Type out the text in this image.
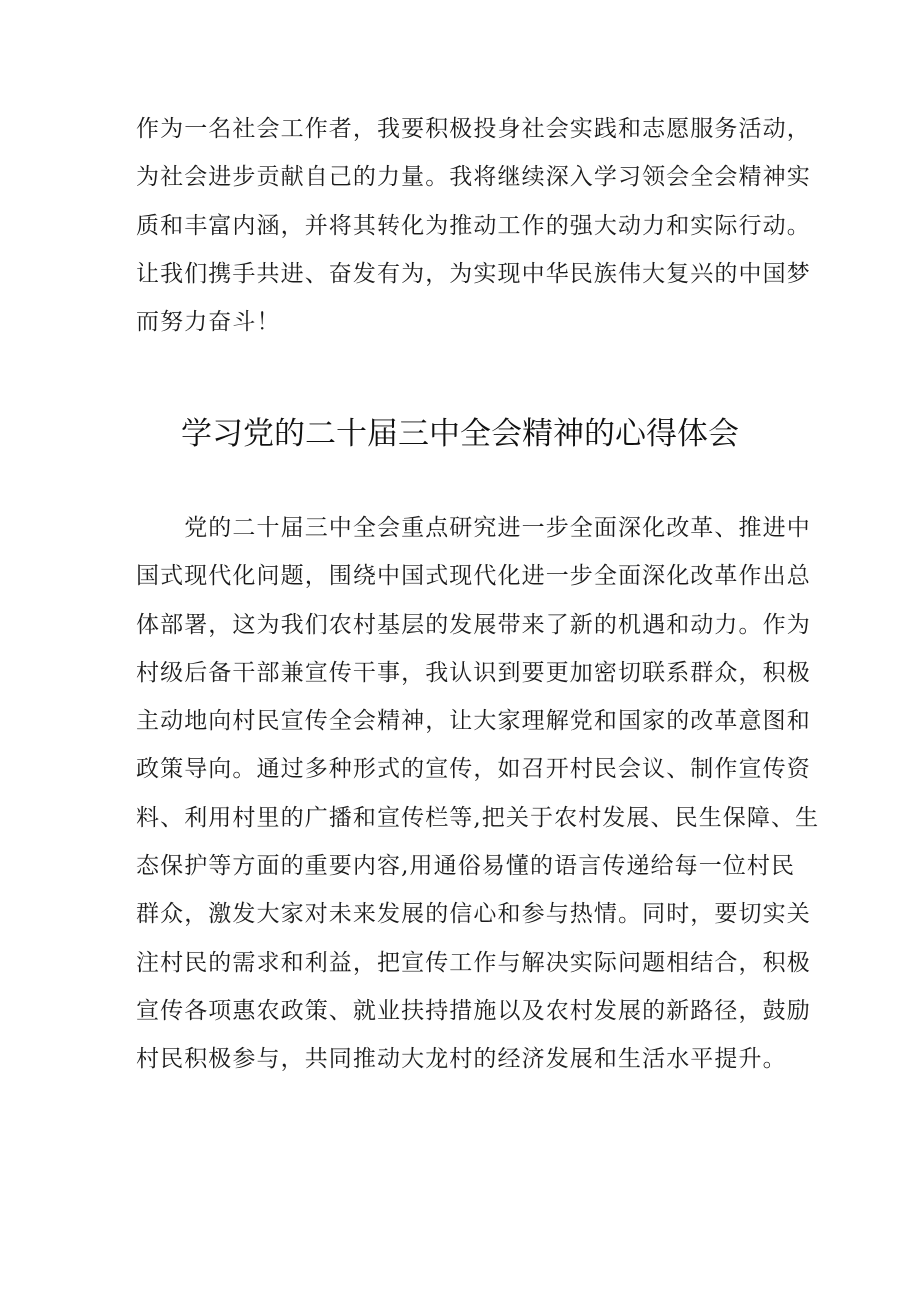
作为一名社会工作者，我要积极投身社会实践和志愿服务活动，
为社会进步贡献自己的力量。我将继续深入学习领会全会精神实
质和丰富内涵，并将其转化为推动工作的强大动力和实际行动。
让我们携手共进、奋发有为，为实现中华民族伟大复兴的中国梦
而努力奋斗！
学习党的二十届三中全会精神的心得体会
　　党的二十届三中全会重点研究进一步全面深化改革、推进中
国式现代化问题，围绕中国式现代化进一步全面深化改革作出总
体部署，这为我们农村基层的发展带来了新的机遇和动力。作为
村级后备干部兼宣传干事，我认识到要更加密切联系群众，积极
主动地向村民宣传全会精神，让大家理解党和国家的改革意图和
政策导向。通过多种形式的宣传，如召开村民会议、制作宣传资
料、利用村里的广播和宣传栏等,把关于农村发展、民生保障、生
态保护等方面的重要内容,用通俗易懂的语言传递给每一位村民
群众，激发大家对未来发展的信心和参与热情。同时，要切实关
注村民的需求和利益，把宣传工作与解决实际问题相结合，积极
宣传各项惠农政策、就业扶持措施以及农村发展的新路径，鼓励
村民积极参与，共同推动大龙村的经济发展和生活水平提升。
